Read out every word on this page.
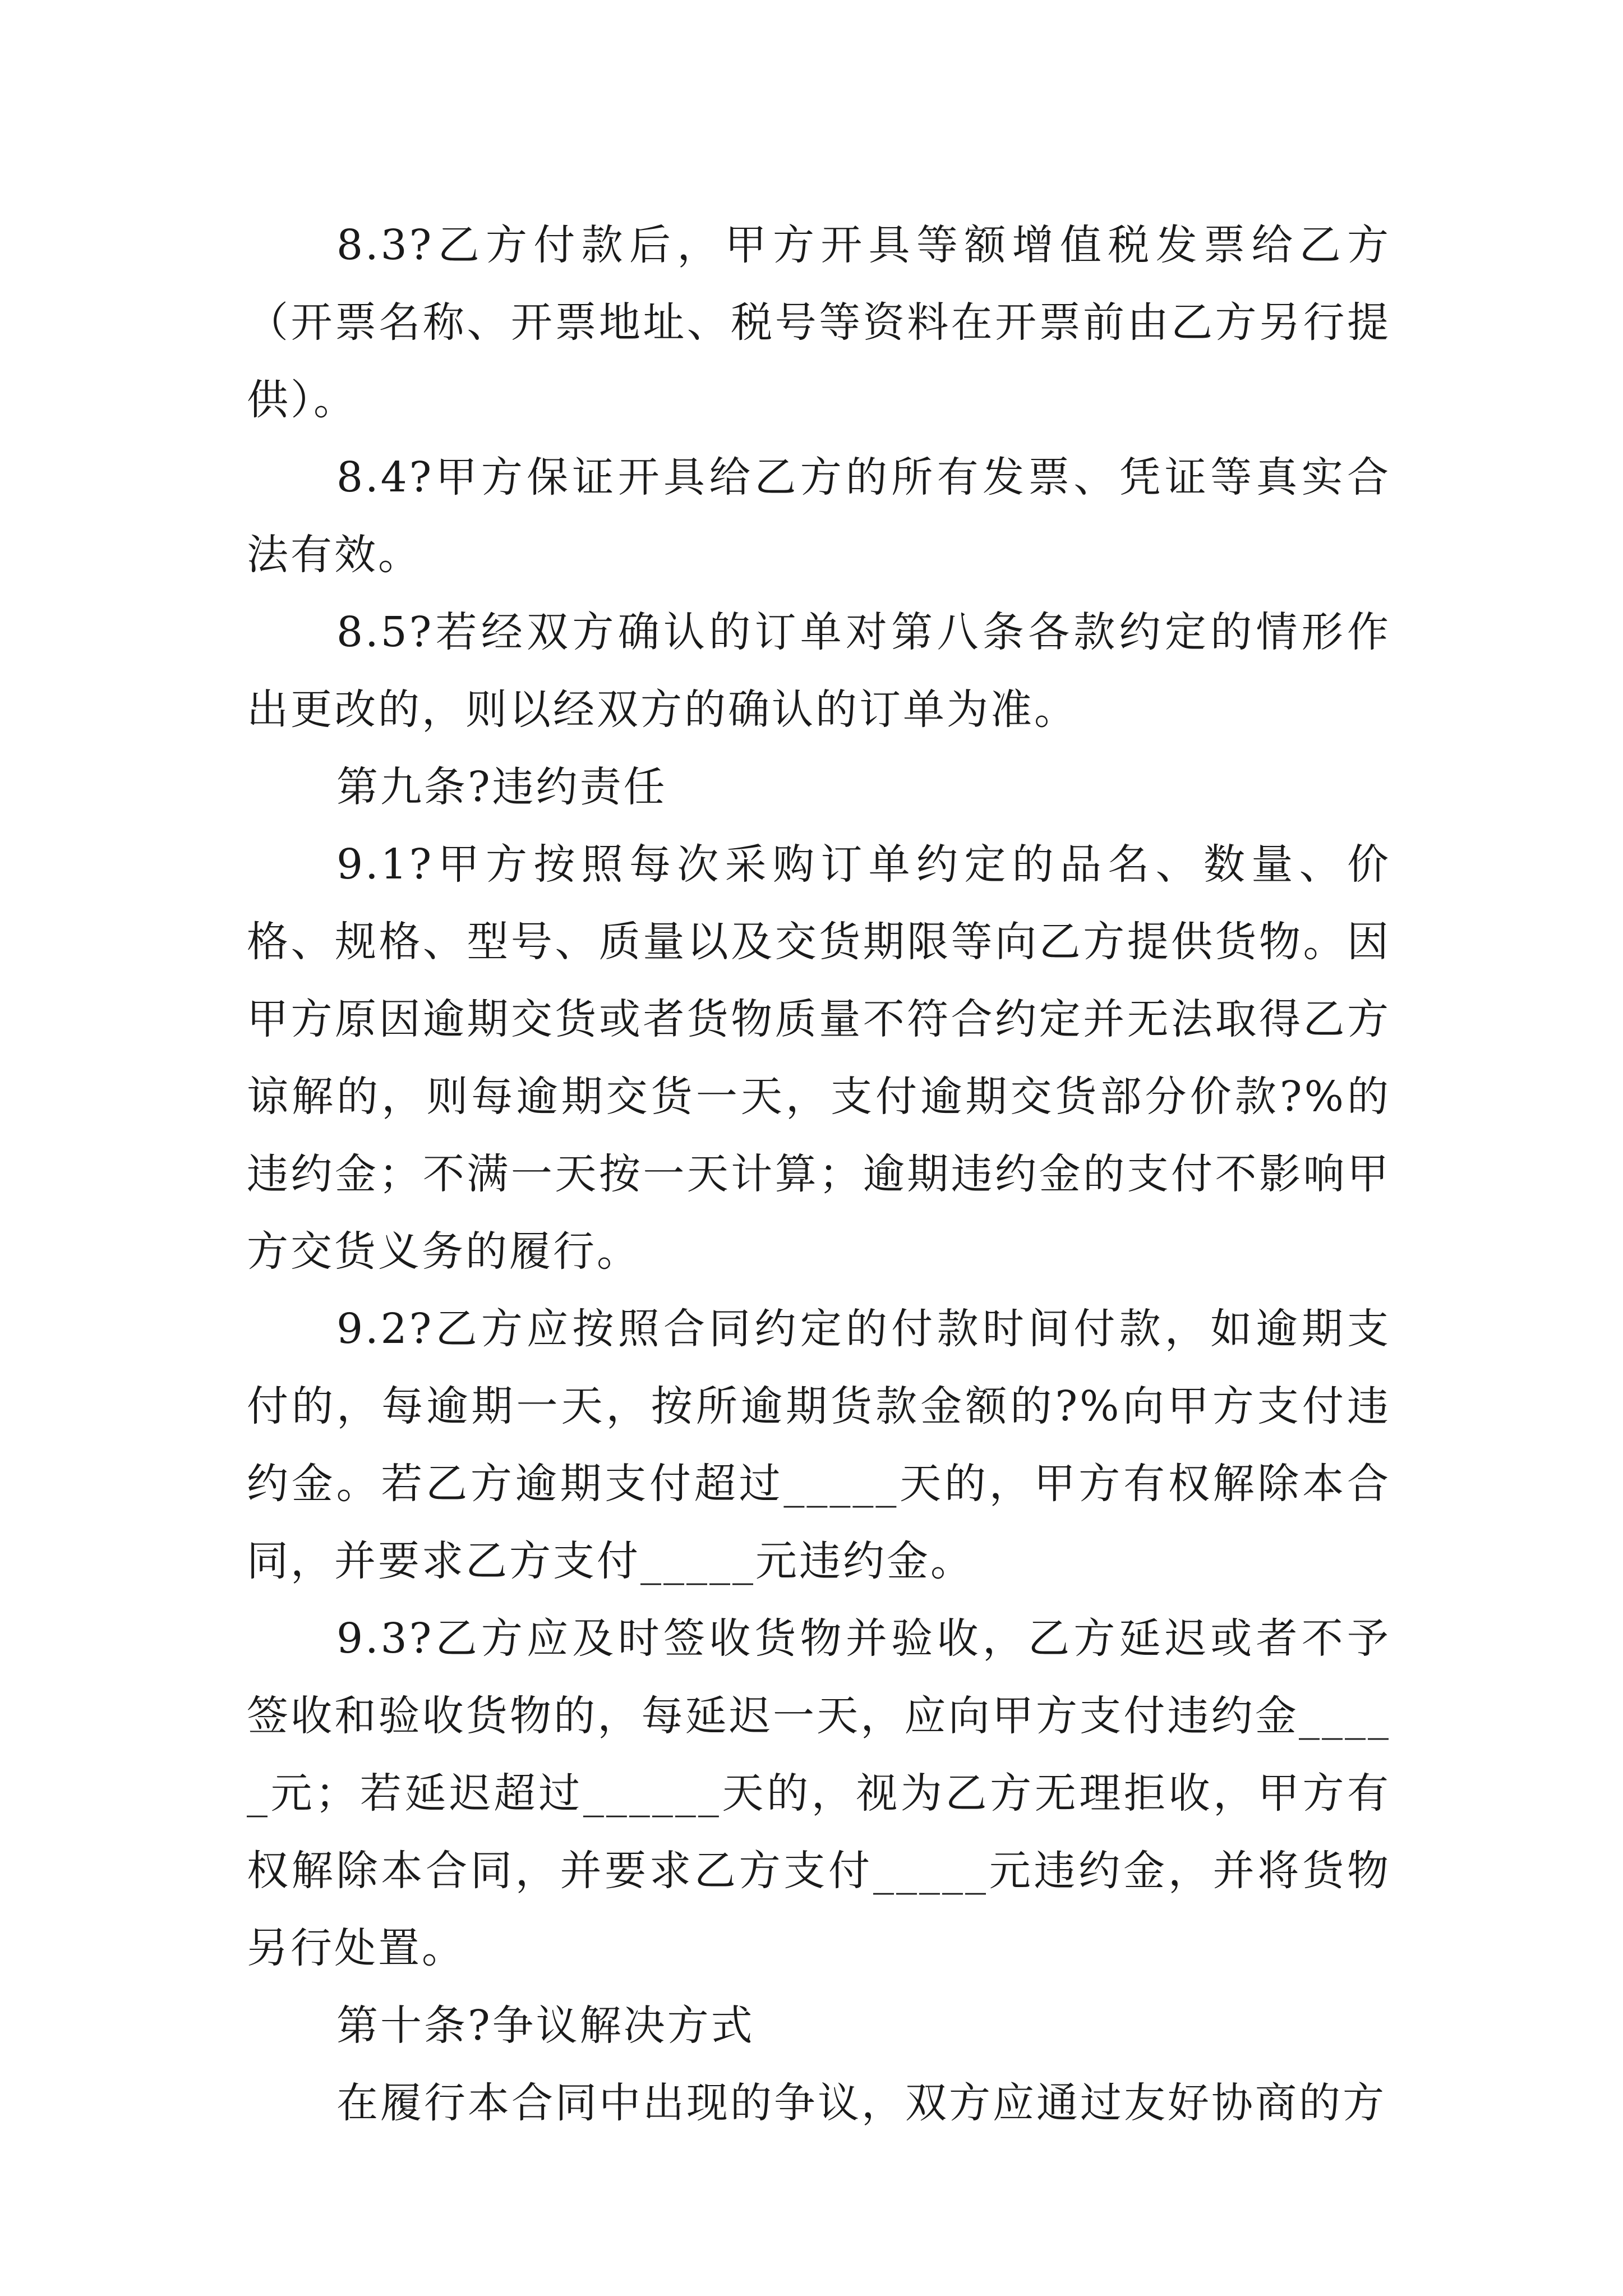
8.3?乙方付款后，甲方开具等额增值税发票给乙方（开票名称、开票地址、税号等资料在开票前由乙方另行提供）。

8.4?甲方保证开具给乙方的所有发票、凭证等真实合法有效。

8.5?若经双方确认的订单对第八条各款约定的情形作出更改的，则以经双方的确认的订单为准。

第九条?违约责任

9.1?甲方按照每次采购订单约定的品名、数量、价格、规格、型号、质量以及交货期限等向乙方提供货物。因甲方原因逾期交货或者货物质量不符合约定并无法取得乙方谅解的，则每逾期交货一天，支付逾期交货部分价款?%的违约金；不满一天按一天计算；逾期违约金的支付不影响甲方交货义务的履行。

9.2?乙方应按照合同约定的付款时间付款，如逾期支付的，每逾期一天，按所逾期货款金额的?%向甲方支付违约金。若乙方逾期支付超过_____天的，甲方有权解除本合同，并要求乙方支付_____元违约金。

9.3?乙方应及时签收货物并验收，乙方延迟或者不予签收和验收货物的，每延迟一天，应向甲方支付违约金_____元；若延迟超过______天的，视为乙方无理拒收，甲方有权解除本合同，并要求乙方支付_____元违约金，并将货物另行处置。

第十条?争议解决方式

在履行本合同中出现的争议，双方应通过友好协商的方
